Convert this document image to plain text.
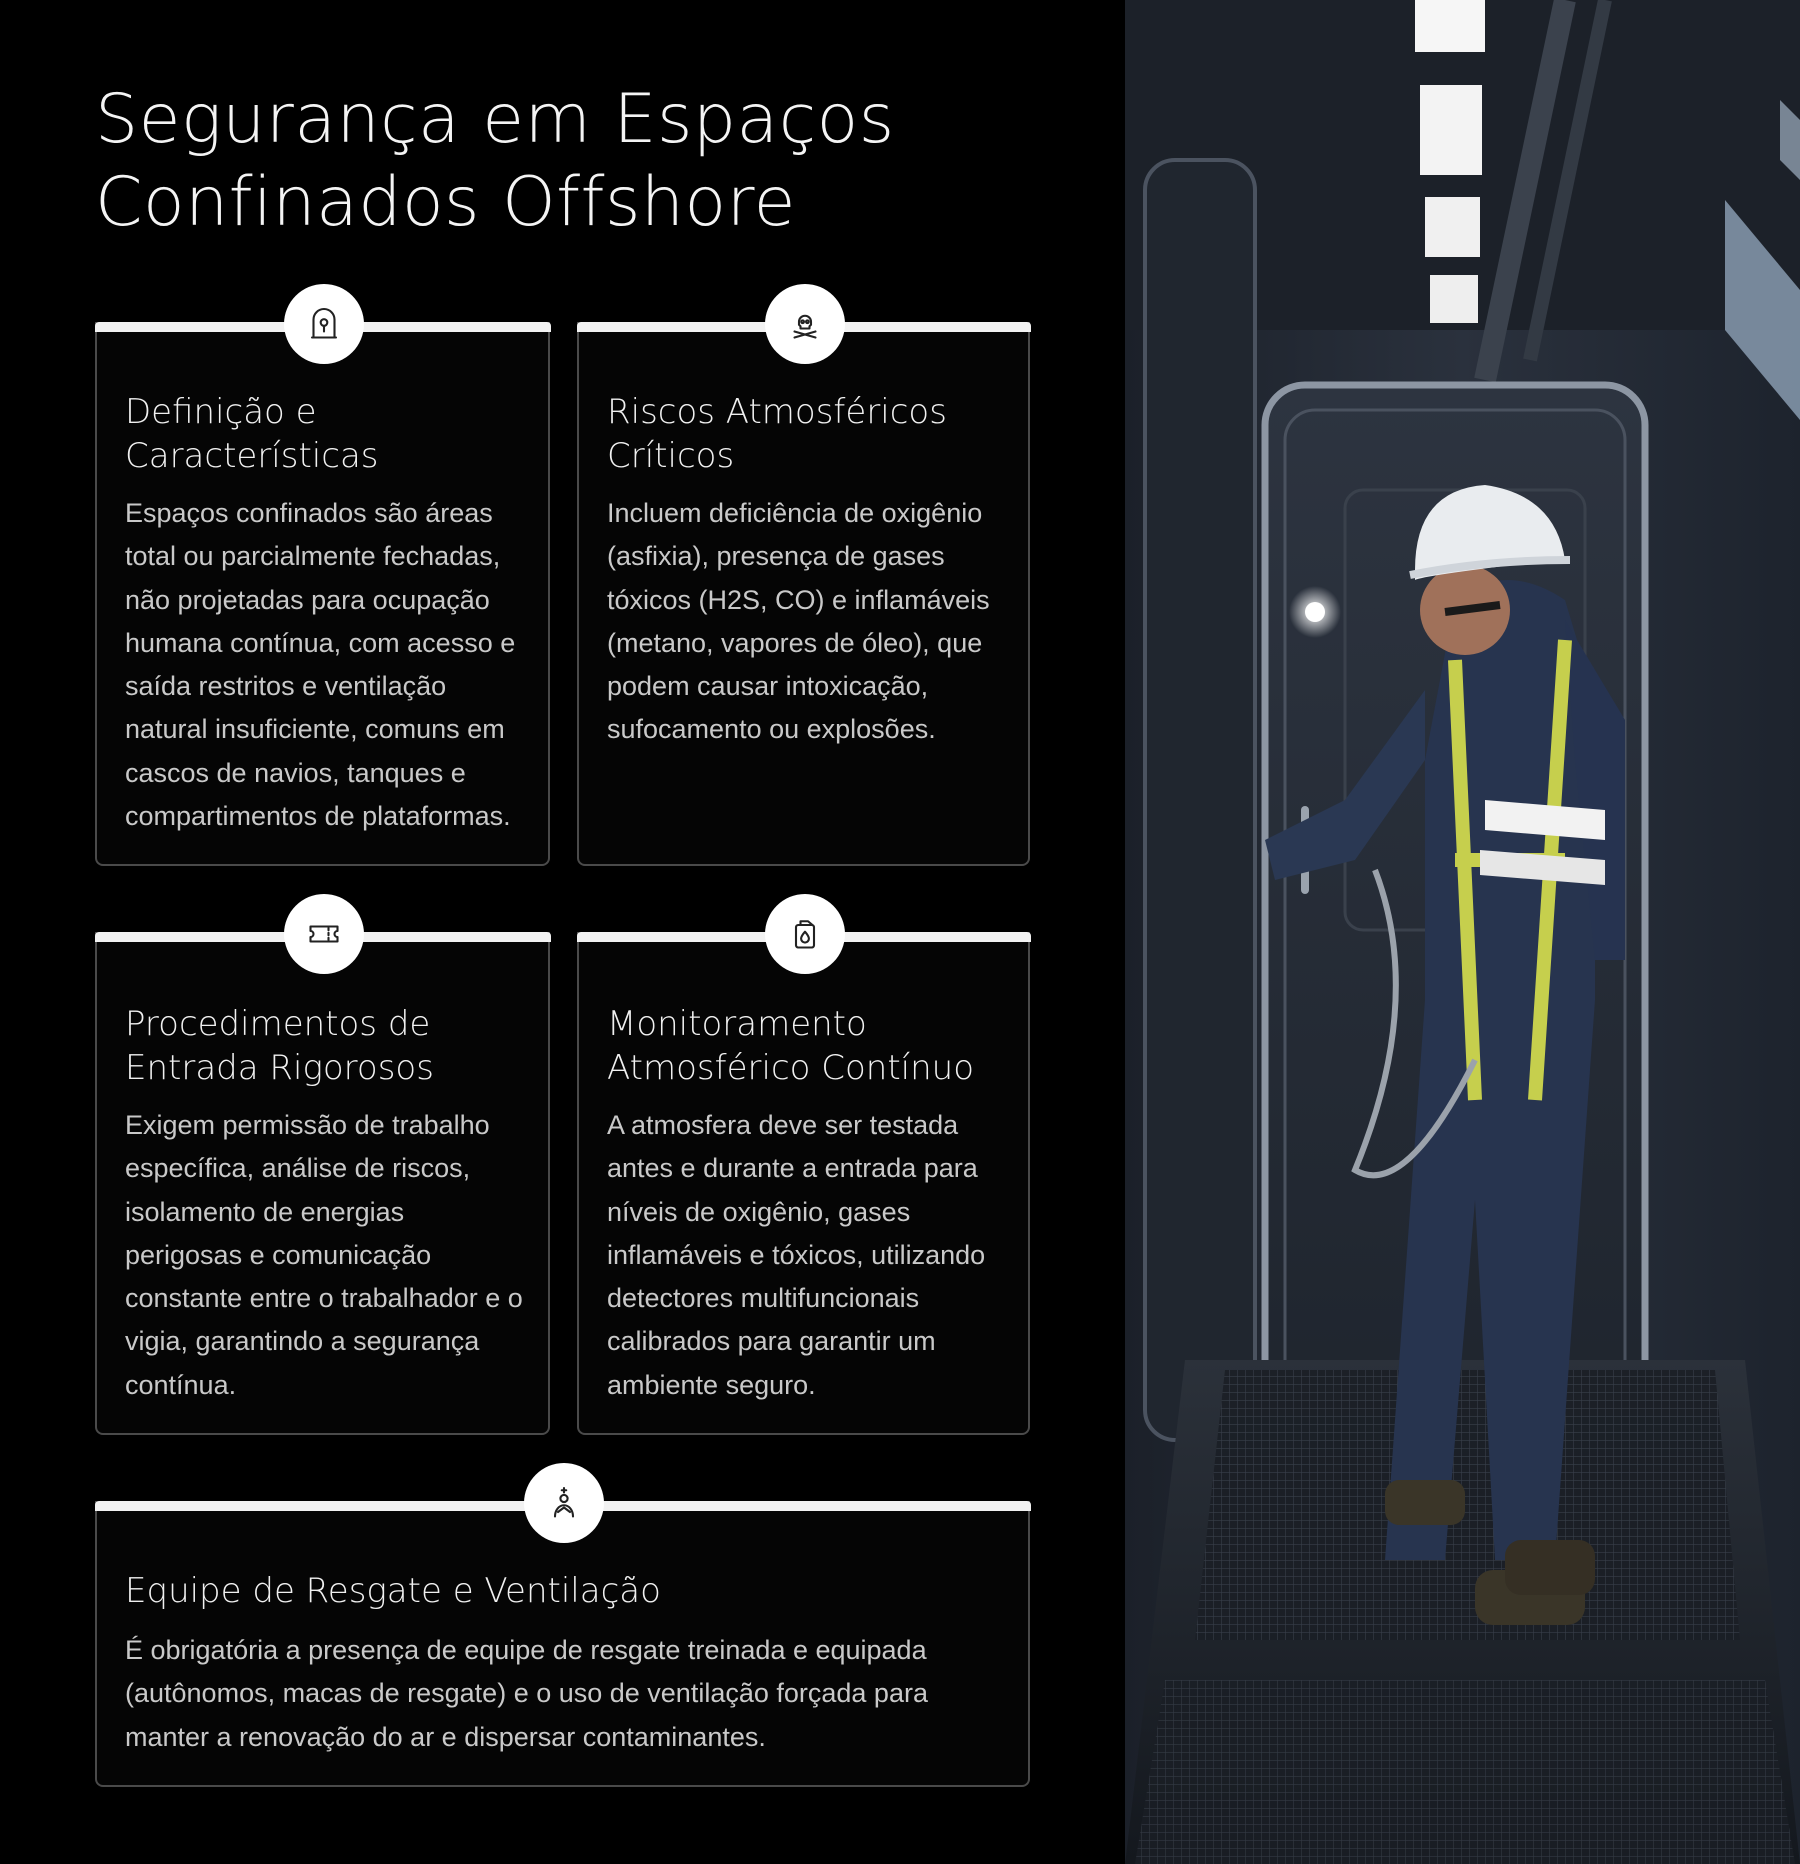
Segurança em Espaços Confinados Offshore
Definição e Características

Espaços confinados são áreas total ou parcialmente fechadas, não projetadas para ocupação humana contínua, com acesso e saída restritos e ventilação natural insuficiente, comuns em cascos de navios, tanques e compartimentos de plataformas.

Riscos Atmosféricos Críticos

Incluem deficiência de oxigênio (asfixia), presença de gases tóxicos (H2S, CO) e inflamáveis (metano, vapores de óleo), que podem causar intoxicação, sufocamento ou explosões.

Procedimentos de Entrada Rigorosos

Exigem permissão de trabalho específica, análise de riscos, isolamento de energias perigosas e comunicação constante entre o trabalhador e o vigia, garantindo a segurança contínua.

Monitoramento Atmosférico Contínuo

A atmosfera deve ser testada antes e durante a entrada para níveis de oxigênio, gases inflamáveis e tóxicos, utilizando detectores multifuncionais calibrados para garantir um ambiente seguro.

Equipe de Resgate e Ventilação

É obrigatória a presença de equipe de resgate treinada e equipada (autônomos, macas de resgate) e o uso de ventilação forçada para manter a renovação do ar e dispersar contaminantes.
